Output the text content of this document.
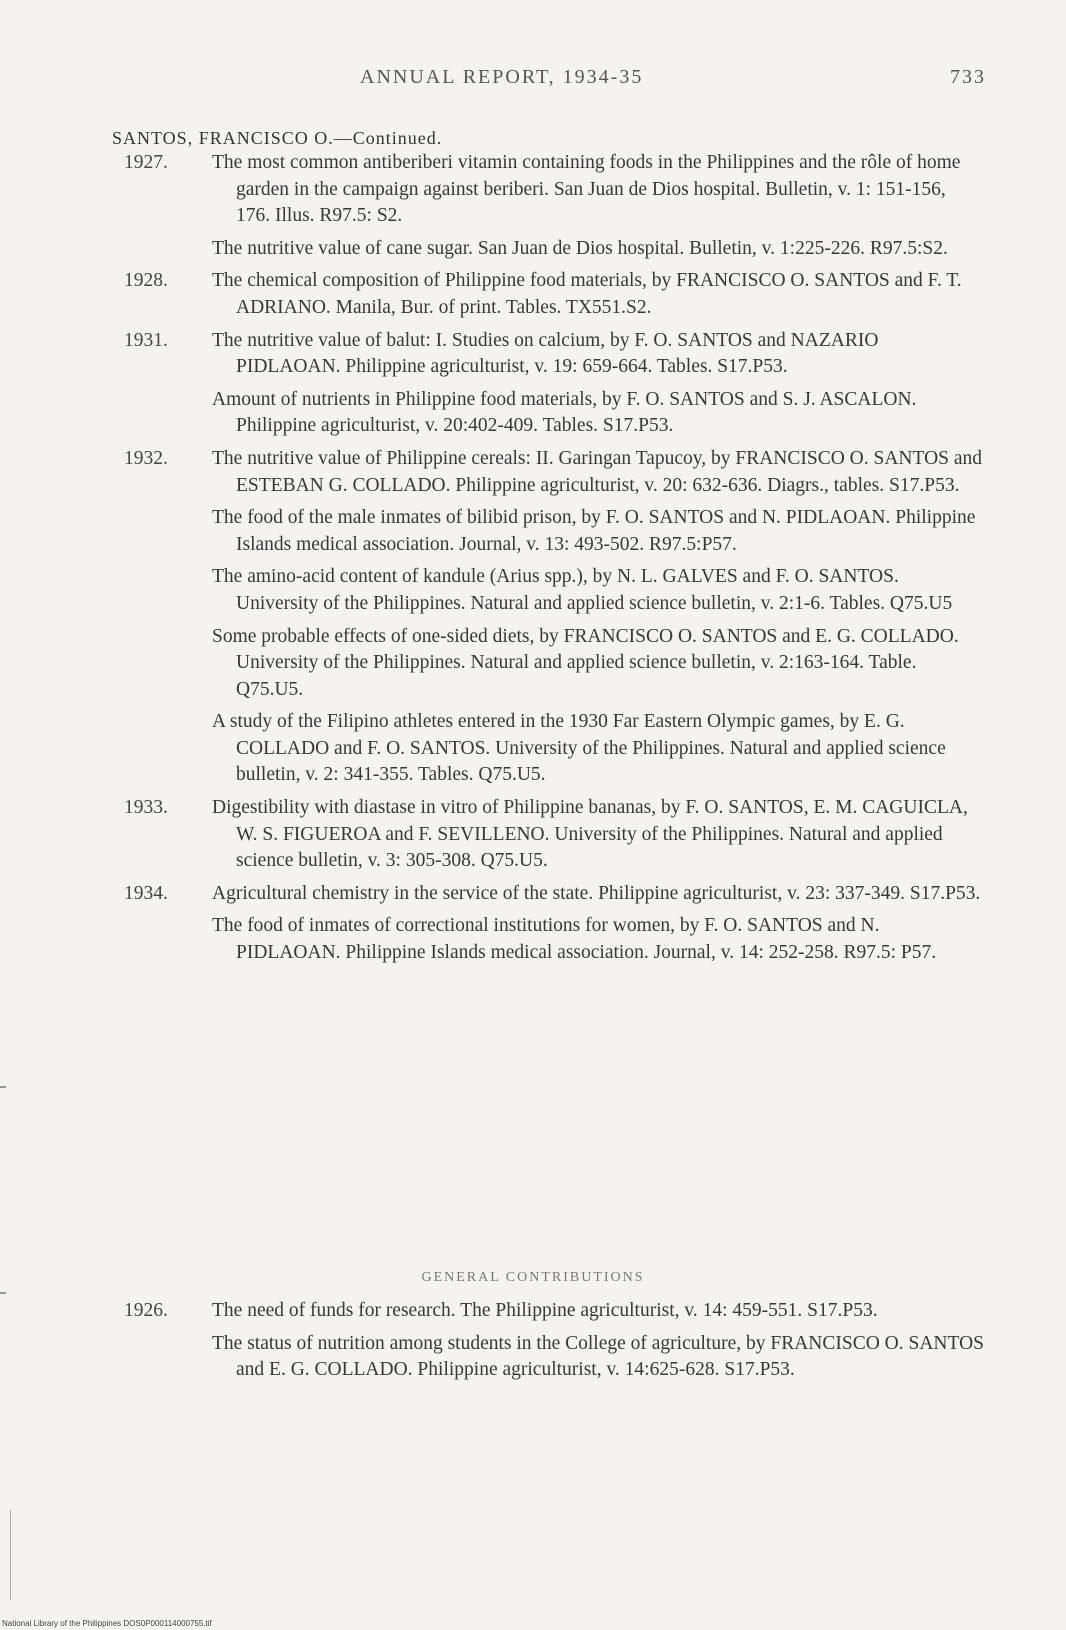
ANNUAL REPORT, 1934-35	733
SANTOS, FRANCISCO O.—Continued.
1927.	The most common antiberiberi vitamin containing foods in the Philippines and the rôle of home garden in the campaign against beriberi. San Juan de Dios hospital. Bulletin, v. 1: 151-156, 176. Illus. R97.5: S2.
The nutritive value of cane sugar. San Juan de Dios hospital. Bulletin, v. 1:225-226. R97.5:S2.
1928.	The chemical composition of Philippine food materials, by FRANCISCO O. SANTOS and F. T. ADRIANO. Manila, Bur. of print. Tables. TX551.S2.
1931.	The nutritive value of balut: I. Studies on calcium, by F. O. SANTOS and NAZARIO PIDLAOAN. Philippine agriculturist, v. 19: 659-664. Tables. S17.P53.
Amount of nutrients in Philippine food materials, by F. O. SANTOS and S. J. ASCALON. Philippine agriculturist, v. 20:402-409. Tables. S17.P53.
1932.	The nutritive value of Philippine cereals: II. Garingan Tapucoy, by FRANCISCO O. SANTOS and ESTEBAN G. COLLADO. Philippine agriculturist, v. 20: 632-636. Diagrs., tables. S17.P53.
The food of the male inmates of bilibid prison, by F. O. SANTOS and N. PIDLAOAN. Philippine Islands medical association. Journal, v. 13: 493-502. R97.5:P57.
The amino-acid content of kandule (Arius spp.), by N. L. GALVES and F. O. SANTOS. University of the Philippines. Natural and applied science bulletin, v. 2:1-6. Tables. Q75.U5
Some probable effects of one-sided diets, by FRANCISCO O. SANTOS and E. G. COLLADO. University of the Philippines. Natural and applied science bulletin, v. 2:163-164. Table. Q75.U5.
A study of the Filipino athletes entered in the 1930 Far Eastern Olympic games, by E. G. COLLADO and F. O. SANTOS. University of the Philippines. Natural and applied science bulletin, v. 2: 341-355. Tables. Q75.U5.
1933.	Digestibility with diastase in vitro of Philippine bananas, by F. O. SANTOS, E. M. CAGUICLA, W. S. FIGUEROA and F. SEVILLENO. University of the Philippines. Natural and applied science bulletin, v. 3: 305-308. Q75.U5.
1934.	Agricultural chemistry in the service of the state. Philippine agriculturist, v. 23: 337-349. S17.P53.
The food of inmates of correctional institutions for women, by F. O. SANTOS and N. PIDLAOAN. Philippine Islands medical association. Journal, v. 14: 252-258. R97.5: P57.
GENERAL CONTRIBUTIONS
1926.	The need of funds for research. The Philippine agriculturist, v. 14: 459-551. S17.P53.
The status of nutrition among students in the College of agriculture, by FRANCISCO O. SANTOS and E. G. COLLADO. Philippine agriculturist, v. 14:625-628. S17.P53.
National Library of the Philippines DOS0P000114000755.tif
